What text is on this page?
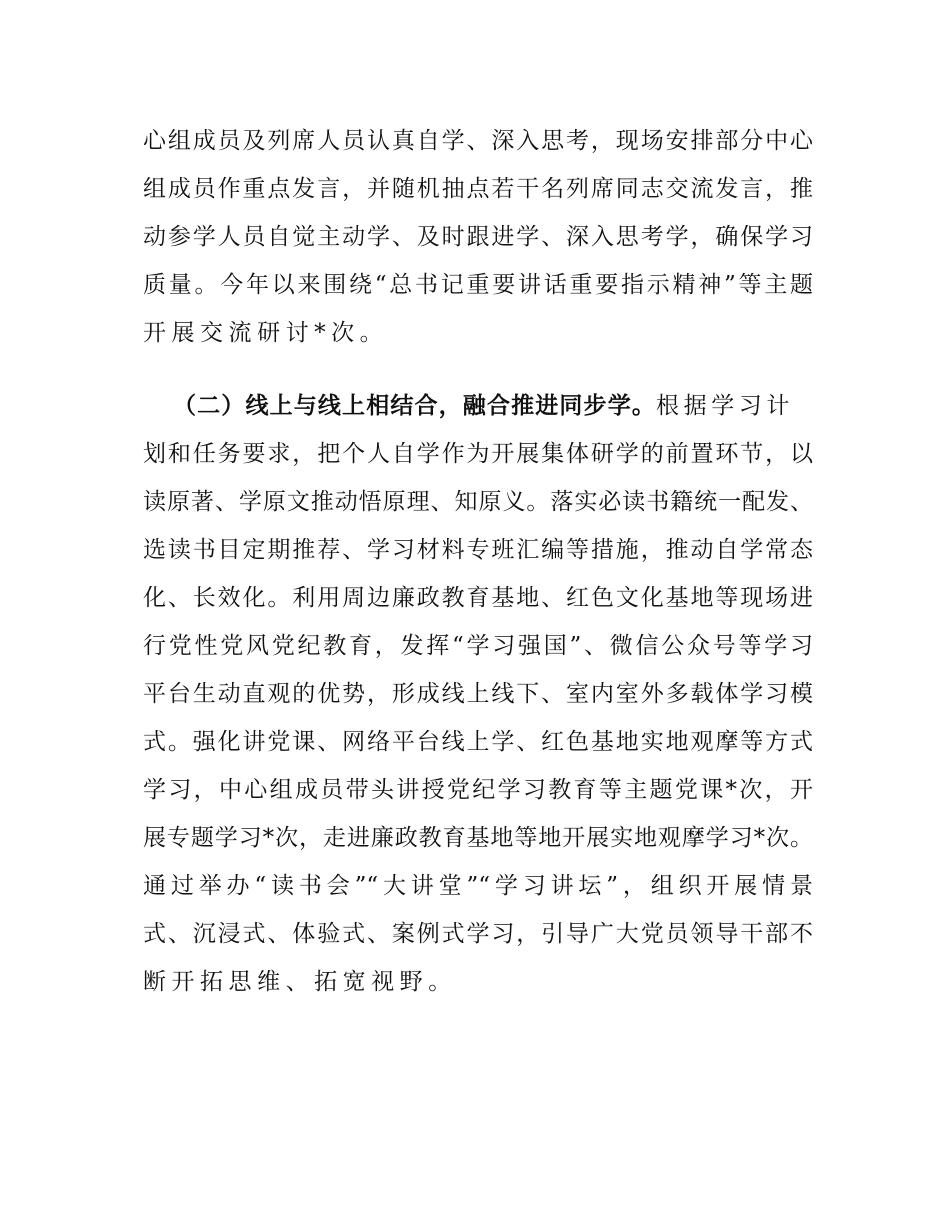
心组成员及列席人员认真自学、深入思考，现场安排部分中心
组成员作重点发言，并随机抽点若干名列席同志交流发言，推
动参学人员自觉主动学、及时跟进学、深入思考学，确保学习
质量。今年以来围绕“总书记重要讲话重要指示精神”等主题
开展交流研讨*次。
（二）线上与线上相结合，融合推进同步学。根据学习计
划和任务要求，把个人自学作为开展集体研学的前置环节，以
读原著、学原文推动悟原理、知原义。落实必读书籍统一配发、
选读书目定期推荐、学习材料专班汇编等措施，推动自学常态
化、长效化。利用周边廉政教育基地、红色文化基地等现场进
行党性党风党纪教育，发挥“学习强国”、微信公众号等学习
平台生动直观的优势，形成线上线下、室内室外多载体学习模
式。强化讲党课、网络平台线上学、红色基地实地观摩等方式
学习，中心组成员带头讲授党纪学习教育等主题党课*次，开
展专题学习*次，走进廉政教育基地等地开展实地观摩学习*次。
通过举办“读书会”“大讲堂”“学习讲坛”，组织开展情景
式、沉浸式、体验式、案例式学习，引导广大党员领导干部不
断开拓思维、拓宽视野。
